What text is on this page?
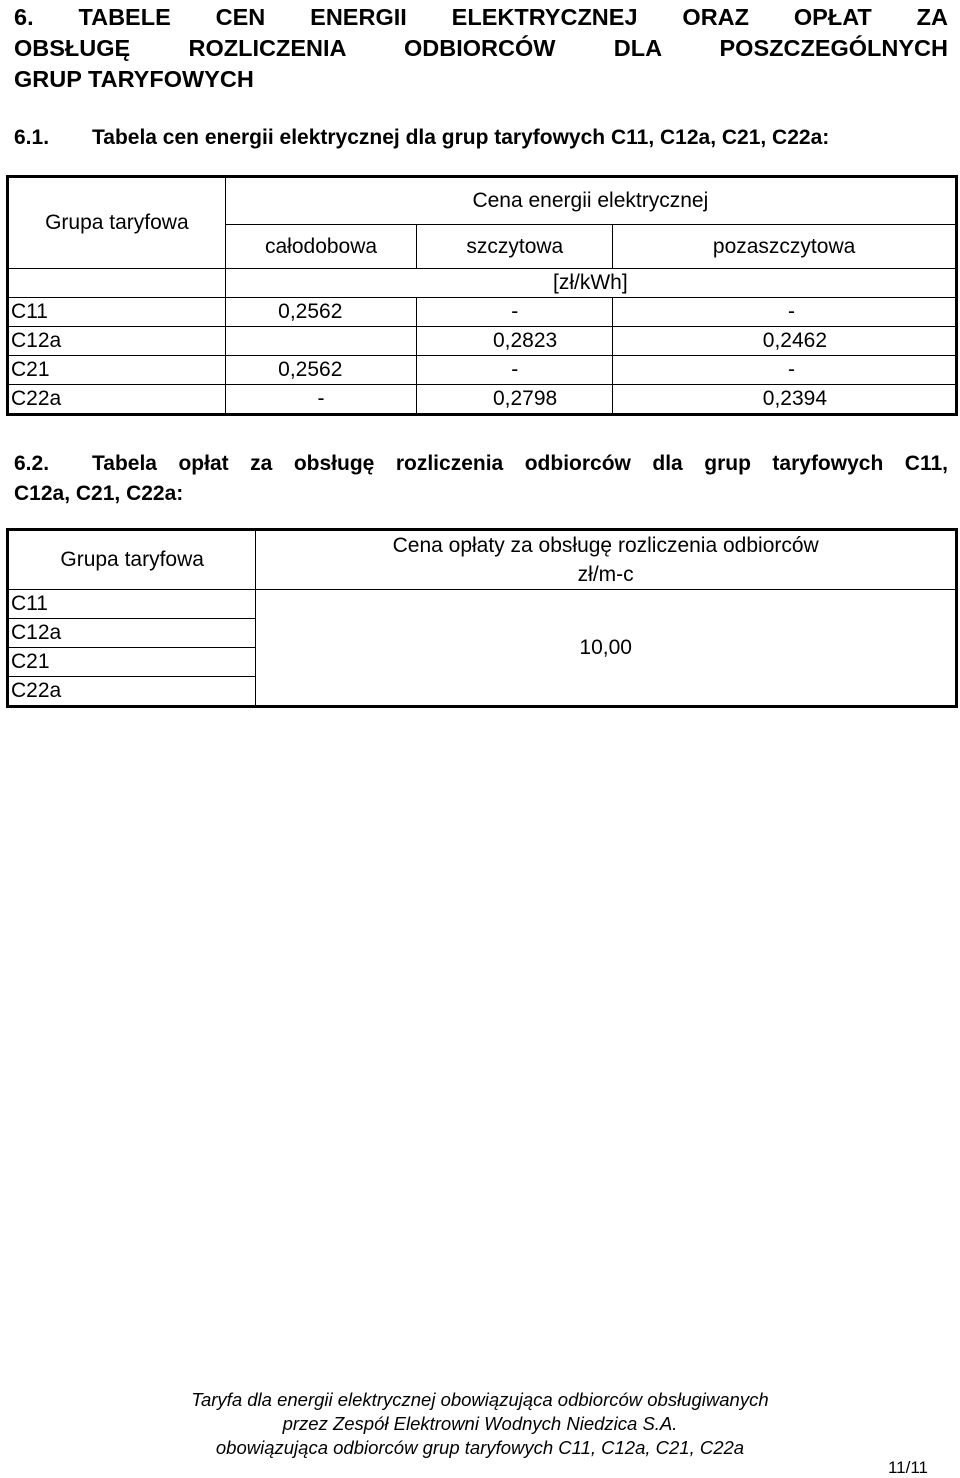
6. TABELE CEN ENERGII ELEKTRYCZNEJ ORAZ OPŁAT ZA
OBSŁUGĘ ROZLICZENIA ODBIORCÓW DLA POSZCZEGÓLNYCH
GRUP TARYFOWYCH
6.1. Tabela cen energii elektrycznej dla grup taryfowych C11, C12a, C21, C22a:
Grupa taryfowa	Cena energii elektrycznej		
	całodobowa	szczytowa	pozaszczytowa
	[zł/kWh]		
C11	0,2562	-	-
C12a		0,2823	0,2462
C21	0,2562	-	-
C22a	-	0,2798	0,2394
6.2. Tabela opłat za obsługę rozliczenia odbiorców dla grup taryfowych C11,
C12a, C21, C22a:
Grupa taryfowa	Cena opłaty za obsługę rozliczenia odbiorców
zł/m-c

C11	10,00
C12a	
C21	
C22a	
Taryfa dla energii elektrycznej obowiązująca odbiorców obsługiwanych
przez Zespół Elektrowni Wodnych Niedzica S.A.
obowiązująca odbiorców grup taryfowych C11, C12a, C21, C22a
11/11
